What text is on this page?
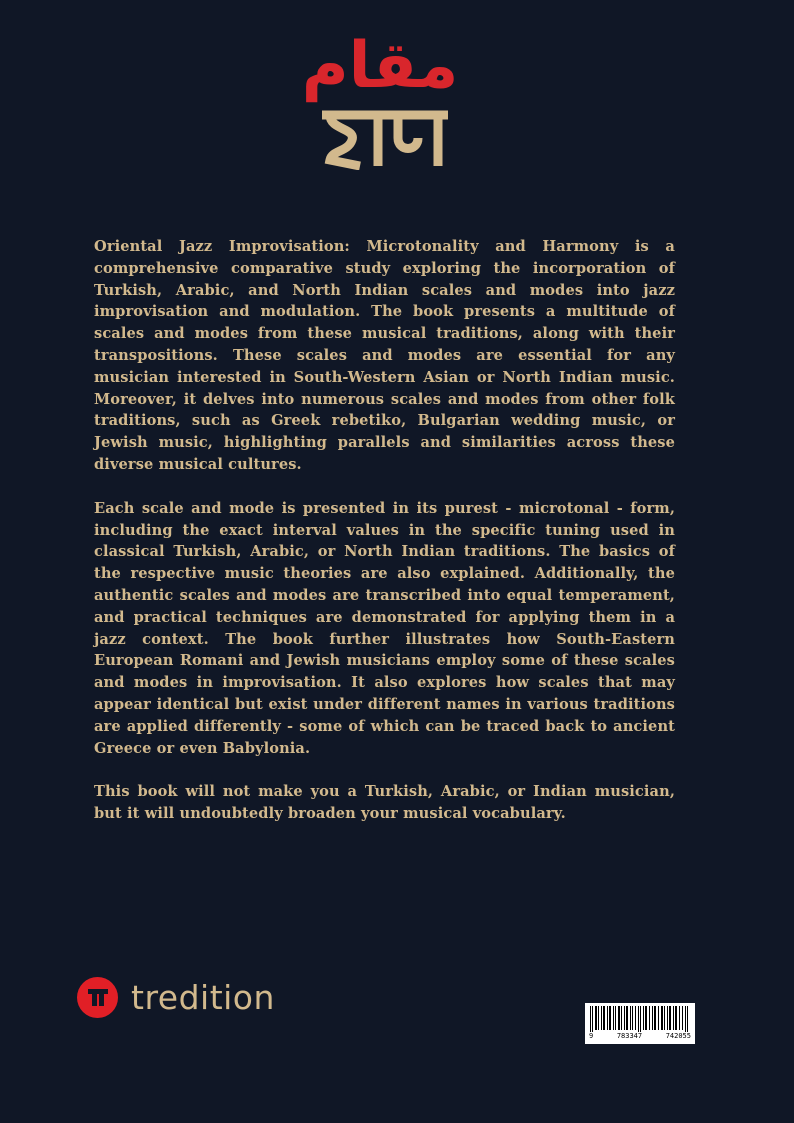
مقام

Oriental Jazz Improvisation: Microtonality and Harmony is a comprehensive comparative study exploring the incorporation of Turkish, Arabic, and North Indian scales and modes into jazz improvisation and modulation. The book presents a multitude of scales and modes from these musical traditions, along with their transpositions. These scales and modes are essential for any musician interested in South-Western Asian or North Indian music. Moreover, it delves into numerous scales and modes from other folk traditions, such as Greek rebetiko, Bulgarian wedding music, or Jewish music, highlighting parallels and similarities across these diverse musical cultures.

Each scale and mode is presented in its purest - microtonal - form, including the exact interval values in the specific tuning used in classical Turkish, Arabic, or North Indian traditions. The basics of the respective music theories are also explained. Additionally, the authentic scales and modes are transcribed into equal temperament, and practical techniques are demonstrated for applying them in a jazz context. The book further illustrates how South-Eastern European Romani and Jewish musicians employ some of these scales and modes in improvisation. It also explores how scales that may appear identical but exist under different names in various traditions are applied differently - some of which can be traced back to ancient Greece or even Babylonia.

This book will not make you a Turkish, Arabic, or Indian musician, but it will undoubtedly broaden your musical vocabulary.

tredition
9	783347	742055
